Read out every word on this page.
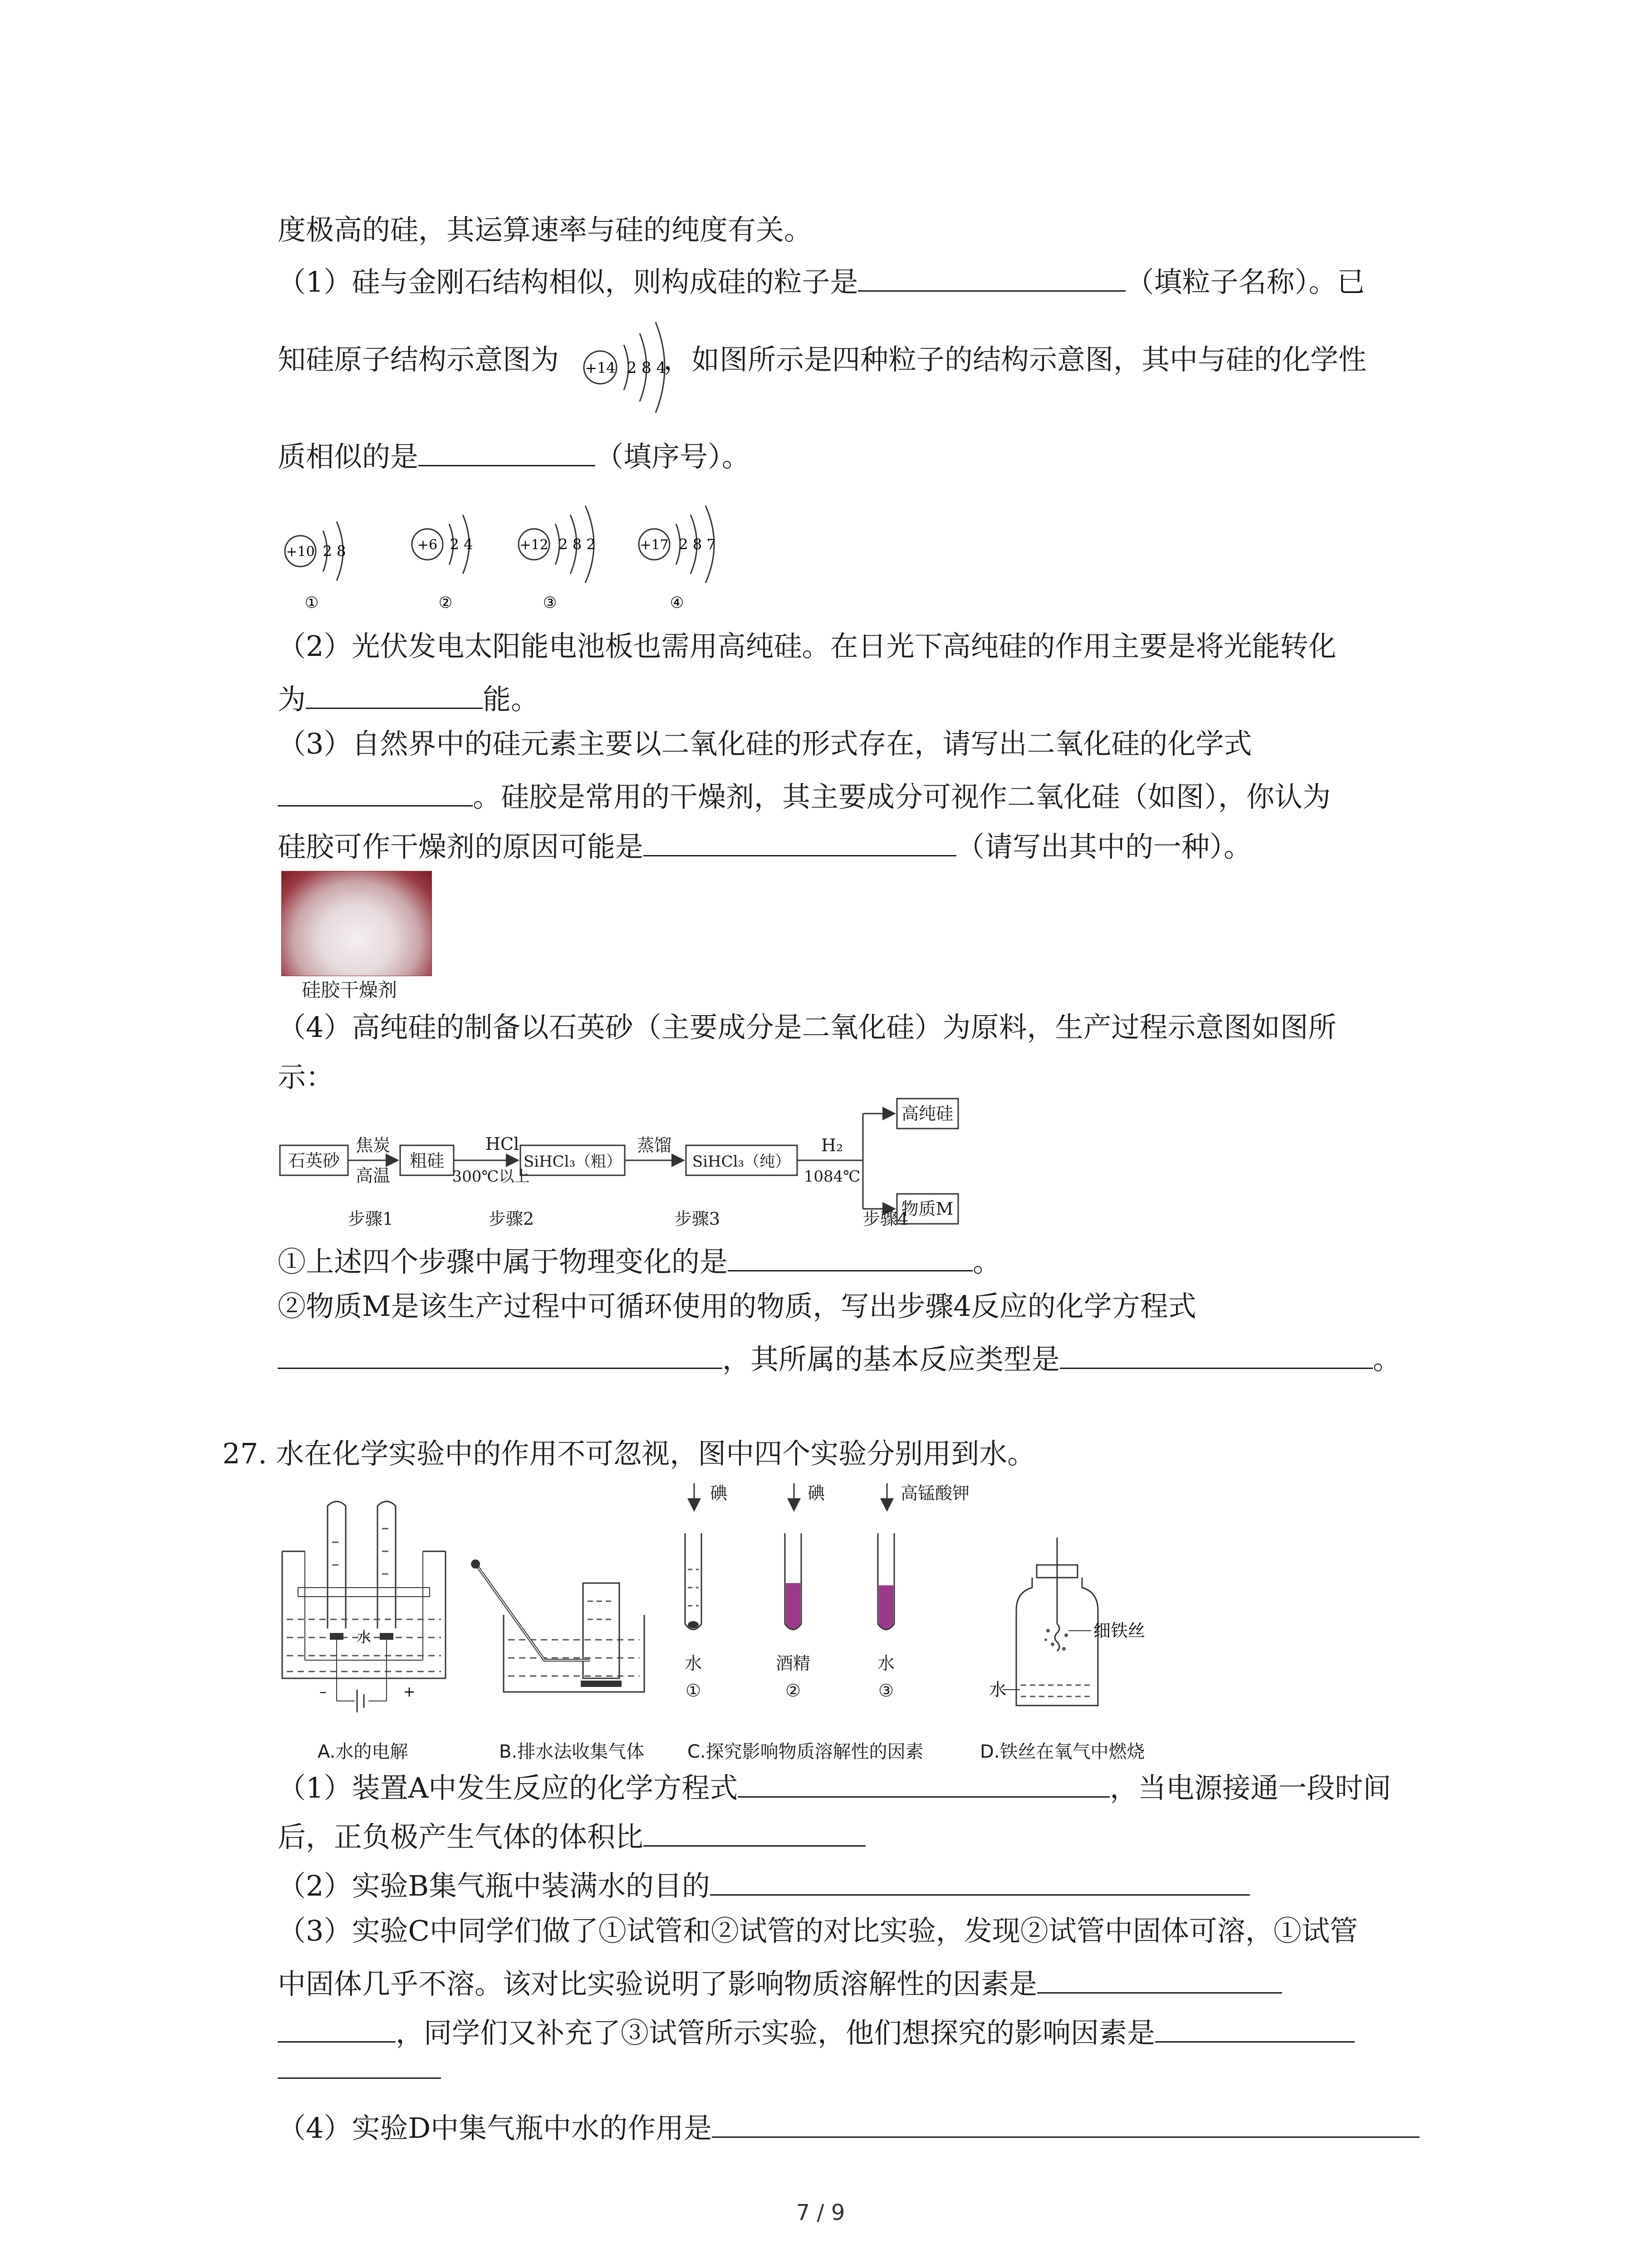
度极高的硅，其运算速率与硅的纯度有关。
（1）硅与金刚石结构相似，则构成硅的粒子是	（填粒子名称）。已
知硅原子结构示意图为	，如图所示是四种粒子的结构示意图，其中与硅的化学性
+14 2 8 4
质相似的是	（填序号）。
+10 2 8
①
+6 2 4
②
+12 2 8 2
③
+17 2 8 7
④
（2）光伏发电太阳能电池板也需用高纯硅。在日光下高纯硅的作用主要是将光能转化
为	能。
（3）自然界中的硅元素主要以二氧化硅的形式存在，请写出二氧化硅的化学式
。硅胶是常用的干燥剂，其主要成分可视作二氧化硅（如图），你认为
硅胶可作干燥剂的原因可能是	（请写出其中的一种）。
硅胶干燥剂
（4）高纯硅的制备以石英砂（主要成分是二氧化硅）为原料，生产过程示意图如图所
示：
石英砂
焦炭
高温
粗硅
HCl
300℃以上
SiHCl₃（粗）
蒸馏
SiHCl₃（纯）
H₂
1084℃
高纯硅
物质M
步骤1	步骤2	步骤3	步骤4
①上述四个步骤中属于物理变化的是	。
②物质M是该生产过程中可循环使用的物质，写出步骤4反应的化学方程式
，其所属的基本反应类型是	。
27. 水在化学实验中的作用不可忽视，图中四个实验分别用到水。
水
–	+
A.水的电解	B.排水法收集气体
碘
水
①
碘
酒精
②
高锰酸钾
水
③
C.探究影响物质溶解性的因素
细铁丝
水
D.铁丝在氧气中燃烧
（1）装置A中发生反应的化学方程式	，当电源接通一段时间
后，正负极产生气体的体积比
（2）实验B集气瓶中装满水的目的
（3）实验C中同学们做了①试管和②试管的对比实验，发现②试管中固体可溶，①试管
中固体几乎不溶。该对比实验说明了影响物质溶解性的因素是
，同学们又补充了③试管所示实验，他们想探究的影响因素是
（4）实验D中集气瓶中水的作用是
7 / 9
